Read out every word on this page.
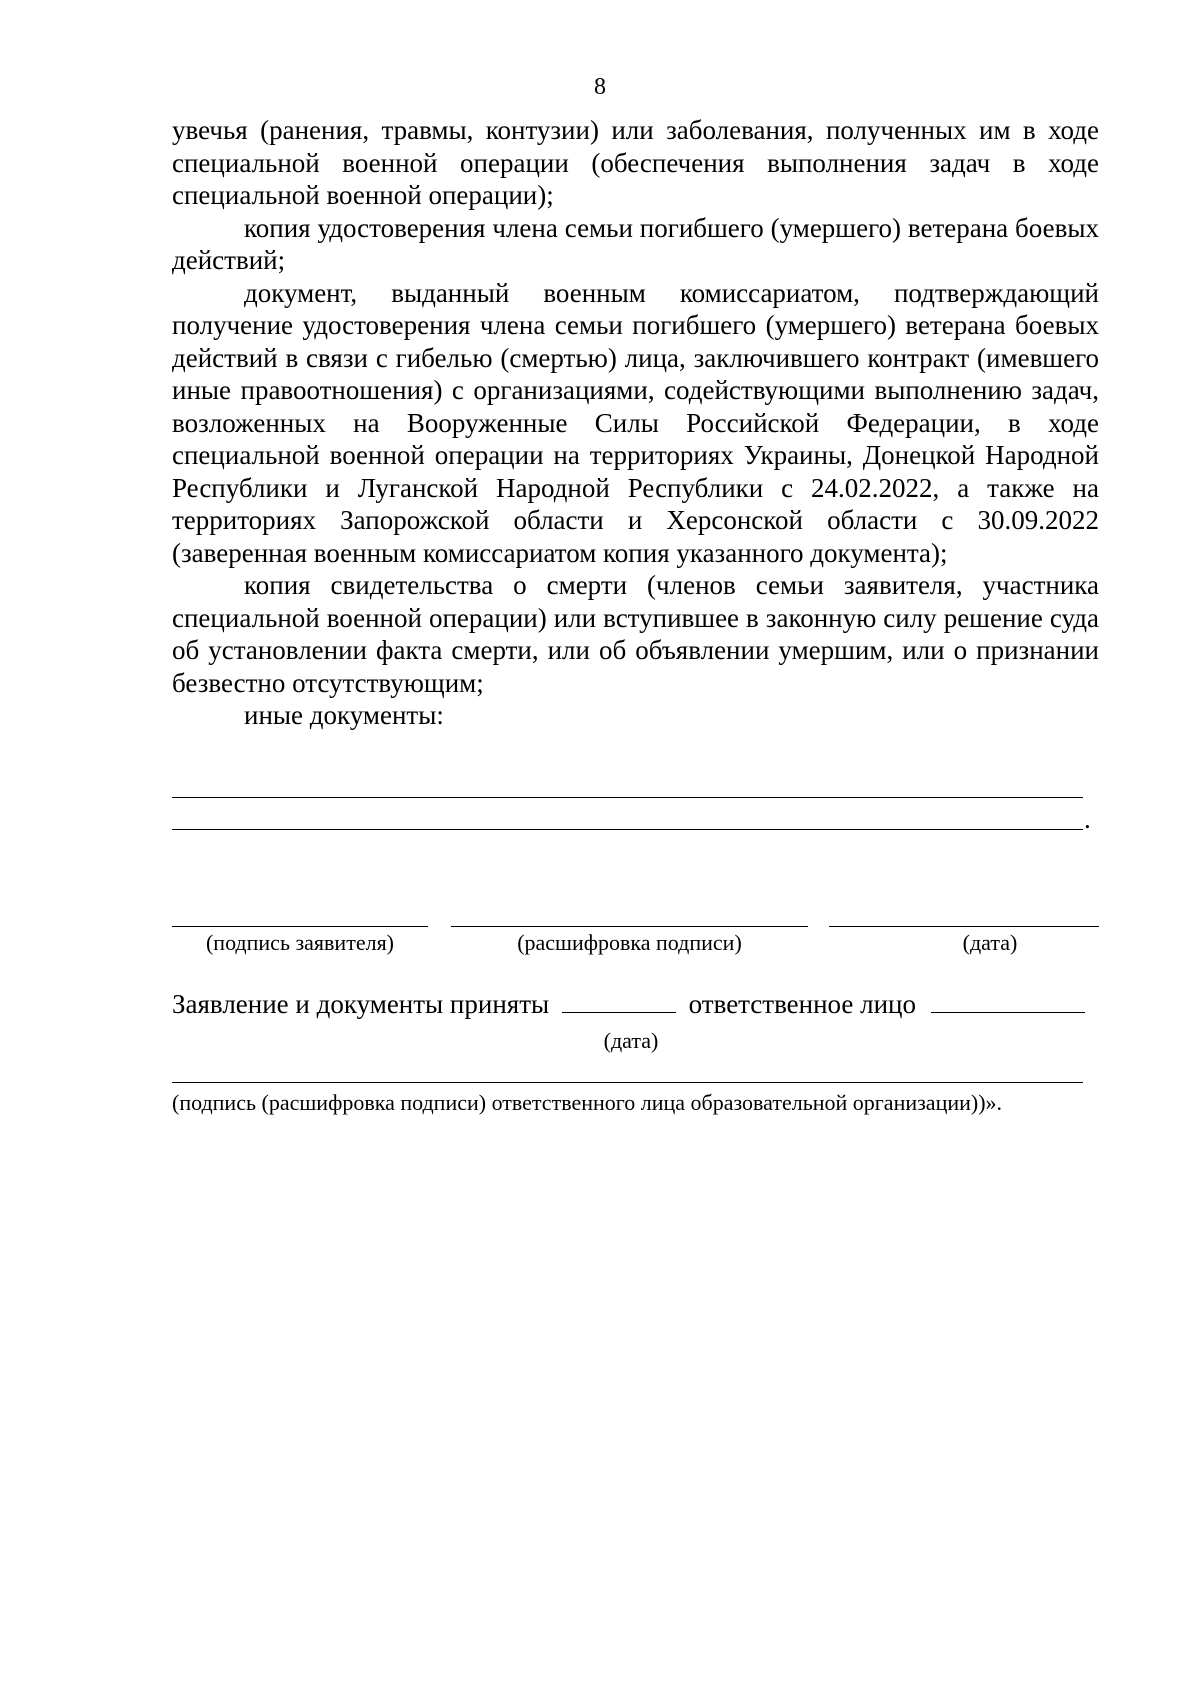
8

увечья (ранения, травмы, контузии) или заболевания, полученных им в ходе специальной военной операции (обеспечения выполнения задач в ходе специальной военной операции);

копия удостоверения члена семьи погибшего (умершего) ветерана боевых действий;

документ, выданный военным комиссариатом, подтверждающий получение удостоверения члена семьи погибшего (умершего) ветерана боевых действий в связи с гибелью (смертью) лица, заключившего контракт (имевшего иные правоотношения) с организациями, содействующими выполнению задач, возложенных на Вооруженные Силы Российской Федерации, в ходе специальной военной операции на территориях Украины, Донецкой Народной Республики и Луганской Народной Республики с 24.02.2022, а также на территориях Запорожской области и Херсонской области с 30.09.2022 (заверенная военным комиссариатом копия указанного документа);

копия свидетельства о смерти (членов семьи заявителя, участника специальной военной операции) или вступившее в законную силу решение суда об установлении факта смерти, или об объявлении умершим, или о признании безвестно отсутствующим;

иные документы:

.
(подпись заявителя)	(расшифровка подписи)	(дата)
Заявление и документы приняты	ответственное лицо
(дата)
(подпись (расшифровка подписи) ответственного лица образовательной организации))».
